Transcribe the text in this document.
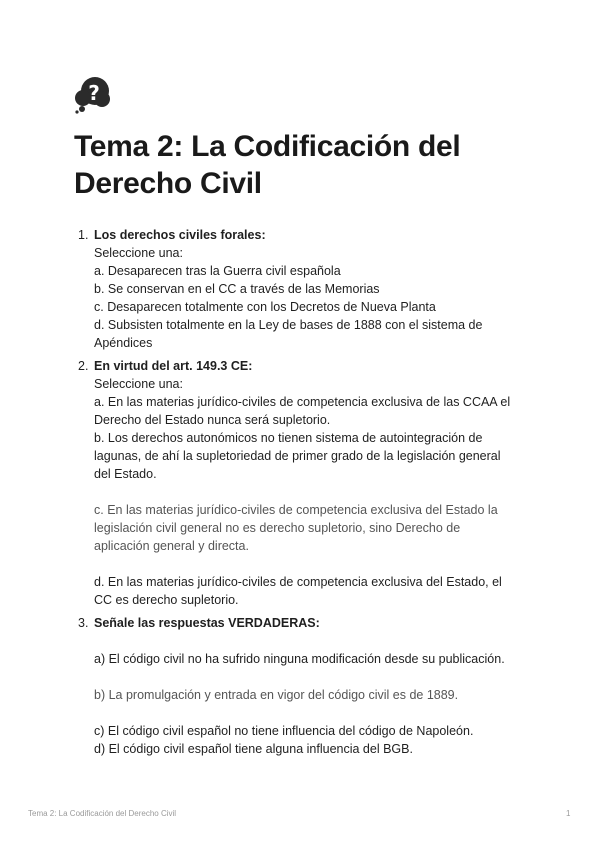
?
Tema 2: La Codificación del Derecho Civil
1. Los derechos civiles forales:
Seleccione una:
a. Desaparecen tras la Guerra civil española
b. Se conservan en el CC a través de las Memorias
c. Desaparecen totalmente con los Decretos de Nueva Planta
d. Subsisten totalmente en la Ley de bases de 1888 con el sistema de
Apéndices
2. En virtud del art. 149.3 CE:
Seleccione una:
a. En las materias jurídico-civiles de competencia exclusiva de las CCAA el
Derecho del Estado nunca será supletorio.
b. Los derechos autonómicos no tienen sistema de autointegración de
lagunas, de ahí la supletoriedad de primer grado de la legislación general
del Estado.
c. En las materias jurídico-civiles de competencia exclusiva del Estado la
legislación civil general no es derecho supletorio, sino Derecho de
aplicación general y directa.
d. En las materias jurídico-civiles de competencia exclusiva del Estado, el
CC es derecho supletorio.
3. Señale las respuestas VERDADERAS:
a) El código civil no ha sufrido ninguna modificación desde su publicación.
b) La promulgación y entrada en vigor del código civil es de 1889.
c) El código civil español no tiene influencia del código de Napoleón.
d) El código civil español tiene alguna influencia del BGB.
Tema 2: La Codificación del Derecho Civil	1
